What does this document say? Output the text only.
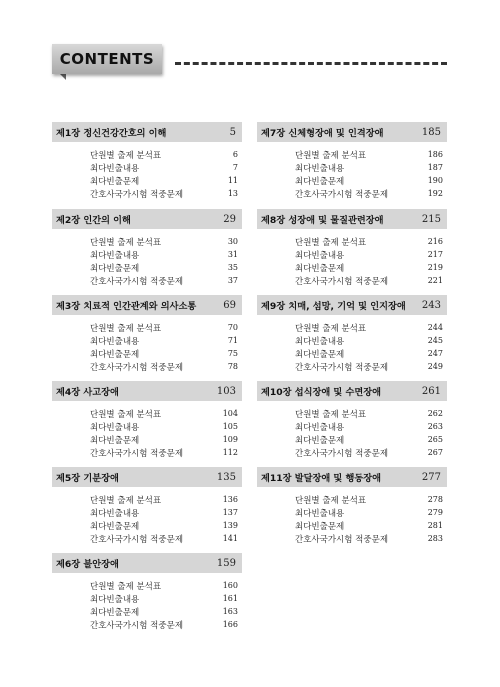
CONTENTS
제1장 정신건강간호의 이해	5
단원별 출제 분석표	6
최다빈출내용	7
최다빈출문제	11
간호사국가시험 적중문제	13
제2장 인간의 이해	29
단원별 출제 분석표	30
최다빈출내용	31
최다빈출문제	35
간호사국가시험 적중문제	37
제3장 치료적 인간관계와 의사소통	69
단원별 출제 분석표	70
최다빈출내용	71
최다빈출문제	75
간호사국가시험 적중문제	78
제4장 사고장애	103
단원별 출제 분석표	104
최다빈출내용	105
최다빈출문제	109
간호사국가시험 적중문제	112
제5장 기분장애	135
단원별 출제 분석표	136
최다빈출내용	137
최다빈출문제	139
간호사국가시험 적중문제	141
제6장 불안장애	159
단원별 출제 분석표	160
최다빈출내용	161
최다빈출문제	163
간호사국가시험 적중문제	166
제7장 신체형장애 및 인격장애	185
단원별 출제 분석표	186
최다빈출내용	187
최다빈출문제	190
간호사국가시험 적중문제	192
제8장 성장애 및 물질관련장애	215
단원별 출제 분석표	216
최다빈출내용	217
최다빈출문제	219
간호사국가시험 적중문제	221
제9장 치매, 섬망, 기억 및 인지장애 243
단원별 출제 분석표	244
최다빈출내용	245
최다빈출문제	247
간호사국가시험 적중문제	249
제10장 섭식장애 및 수면장애	261
단원별 출제 분석표	262
최다빈출내용	263
최다빈출문제	265
간호사국가시험 적중문제	267
제11장 발달장애 및 행동장애	277
단원별 출제 분석표	278
최다빈출내용	279
최다빈출문제	281
간호사국가시험 적중문제	283
